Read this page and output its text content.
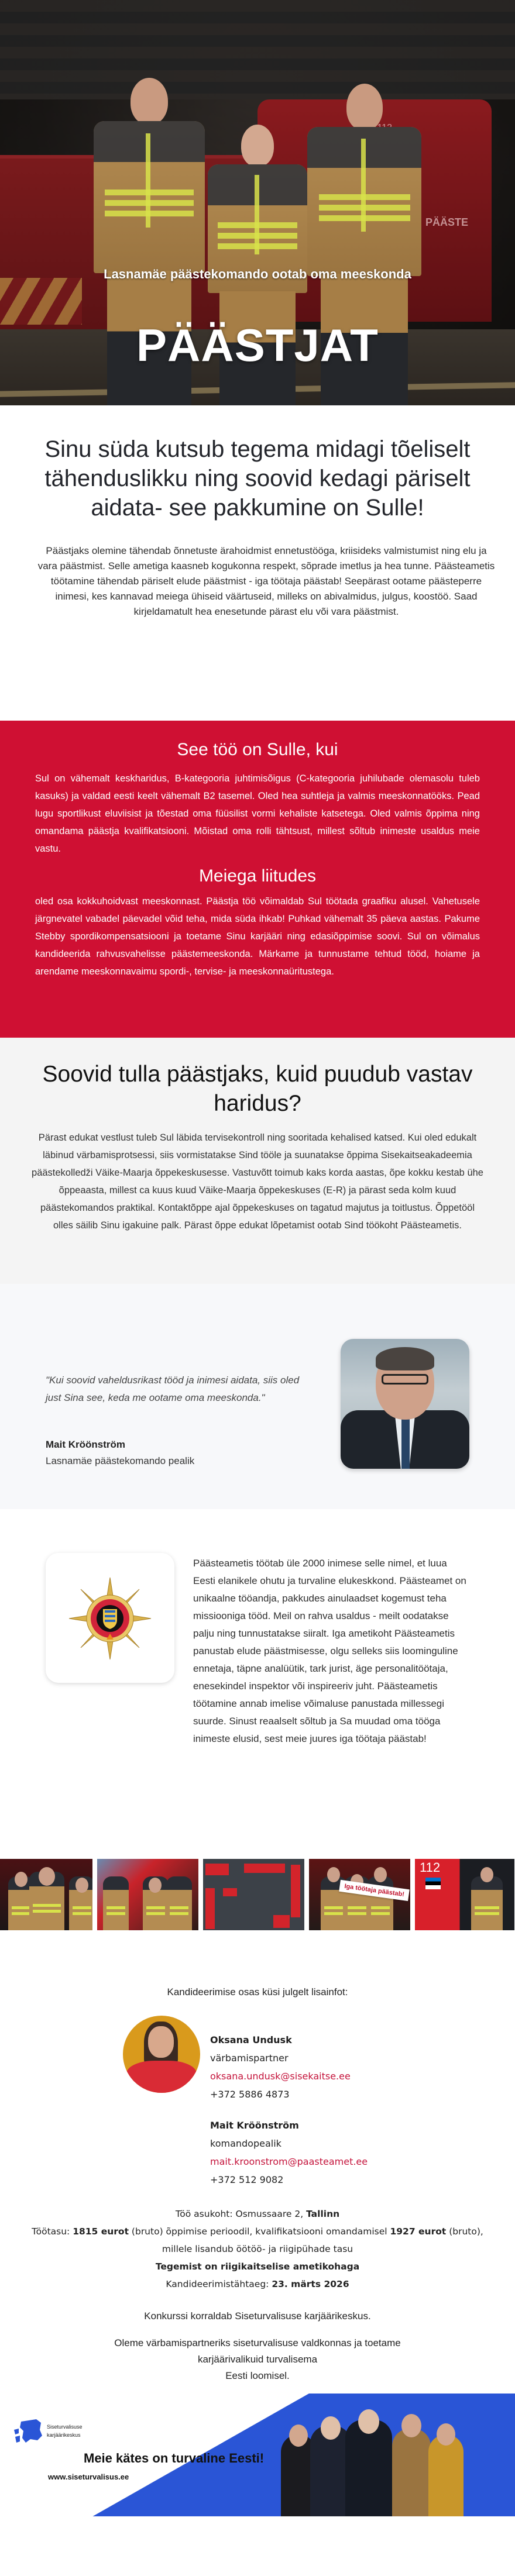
PÄÄSTE
Lasnamäe päästekomando ootab oma meeskonda
PÄÄSTJAT
Sinu süda kutsub tegema midagi tõeliselt tähenduslikku ning soovid kedagi päriselt aidata- see pakkumine on Sulle!

Päästjaks olemine tähendab õnnetuste ärahoidmist ennetustööga, kriisideks valmistumist ning elu ja vara päästmist. Selle ametiga kaasneb kogukonna respekt, sõprade imetlus ja hea tunne. Päästeametis töötamine tähendab päriselt elude päästmist - iga töötaja päästab! Seepärast ootame päästeperre inimesi, kes kannavad meiega ühiseid väärtuseid, milleks on abivalmidus, julgus, koostöö. Saad kirjeldamatult hea enesetunde pärast elu või vara päästmist.

See töö on Sulle, kui

Sul on vähemalt keskharidus, B-kategooria juhtimisõigus (C-kategooria juhilubade olemasolu tuleb kasuks) ja valdad eesti keelt vähemalt B2 tasemel. Oled hea suhtleja ja valmis meeskonnatööks. Pead lugu sportlikust eluviisist ja tõestad oma füüsilist vormi kehaliste katsetega. Oled valmis õppima ning omandama päästja kvalifikatsiooni. Mõistad oma rolli tähtsust, millest sõltub inimeste usaldus meie vastu.

Meiega liitudes

oled osa kokkuhoidvast meeskonnast. Päästja töö võimaldab Sul töötada graafiku alusel. Vahetusele järgnevatel vabadel päevadel võid teha, mida süda ihkab! Puhkad vähemalt 35 päeva aastas. Pakume Stebby spordikompensatsiooni ja toetame Sinu karjääri ning edasiõppimise soovi. Sul on võimalus kandideerida rahvusvahelisse päästemeeskonda. Märkame ja tunnustame tehtud tööd, hoiame ja arendame meeskonnavaimu spordi-, tervise- ja meeskonnaüritustega.

Soovid tulla päästjaks, kuid puudub vastav haridus?

Pärast edukat vestlust tuleb Sul läbida tervisekontroll ning sooritada kehalised katsed. Kui oled edukalt läbinud värbamisprotsessi, siis vormistatakse Sind tööle ja suunatakse õppima Sisekaitseakadeemia päästekolledži Väike-Maarja õppekeskusesse. Vastuvõtt toimub kaks korda aastas, õpe kokku kestab ühe õppeaasta, millest ca kuus kuud Väike-Maarja õppekeskuses (E-R) ja pärast seda kolm kuud päästekomandos praktikal. Kontaktõppe ajal õppekeskuses on tagatud majutus ja toitlustus. Õppetööl olles säilib Sinu igakuine palk. Pärast õppe edukat lõpetamist ootab Sind töökoht Päästeametis.

"Kui soovid vaheldusrikast tööd ja inimesi aidata, siis oled just Sina see, keda me ootame oma meeskonda."

Mait Kröönström
Lasnamäe päästekomando pealik

Päästeametis töötab üle 2000 inimese selle nimel, et luua Eesti elanikele ohutu ja turvaline elukeskkond. Päästeamet on unikaalne tööandja, pakkudes ainulaadset kogemust teha missiooniga tööd. Meil on rahva usaldus - meilt oodatakse palju ning tunnustatakse siiralt. Iga ametikoht Päästeametis panustab elude päästmisesse, olgu selleks siis loominguline ennetaja, täpne analüütik, tark jurist, äge personalitöötaja, enesekindel inspektor või inspireeriv juht. Päästeametis töötamine annab imelise võimaluse panustada millessegi suurde. Sinust reaalselt sõltub ja Sa muudad oma tööga inimeste elusid, sest meie juures iga töötaja päästab!

Iga töötaja päästab!
112
Kandideerimise osas küsi julgelt lisainfot:
Oksana Undusk
värbamispartner
oksana.undusk@sisekaitse.ee
+372 5886 4873
Mait Kröönström
komandopealik
mait.kroonstrom@paasteamet.ee
+372 512 9082
Töö asukoht: Osmussaare 2, Tallinn
Töötasu: 1815 eurot (bruto) õppimise perioodil, kvalifikatsiooni omandamisel 1927 eurot (bruto),
millele lisandub öötöö- ja riigipühade tasu
Tegemist on riigikaitselise ametikohaga
Kandideerimistähtaeg: 23. märts 2026

Konkurssi korraldab Siseturvalisuse karjäärikeskus.

Oleme värbamispartneriks siseturvalisuse valdkonnas ja toetame
karjäärivalikuid turvalisema
Eesti loomisel.

Siseturvalisuse
karjäärikeskus
Meie kätes on turvaline Eesti!
www.siseturvalisus.ee
